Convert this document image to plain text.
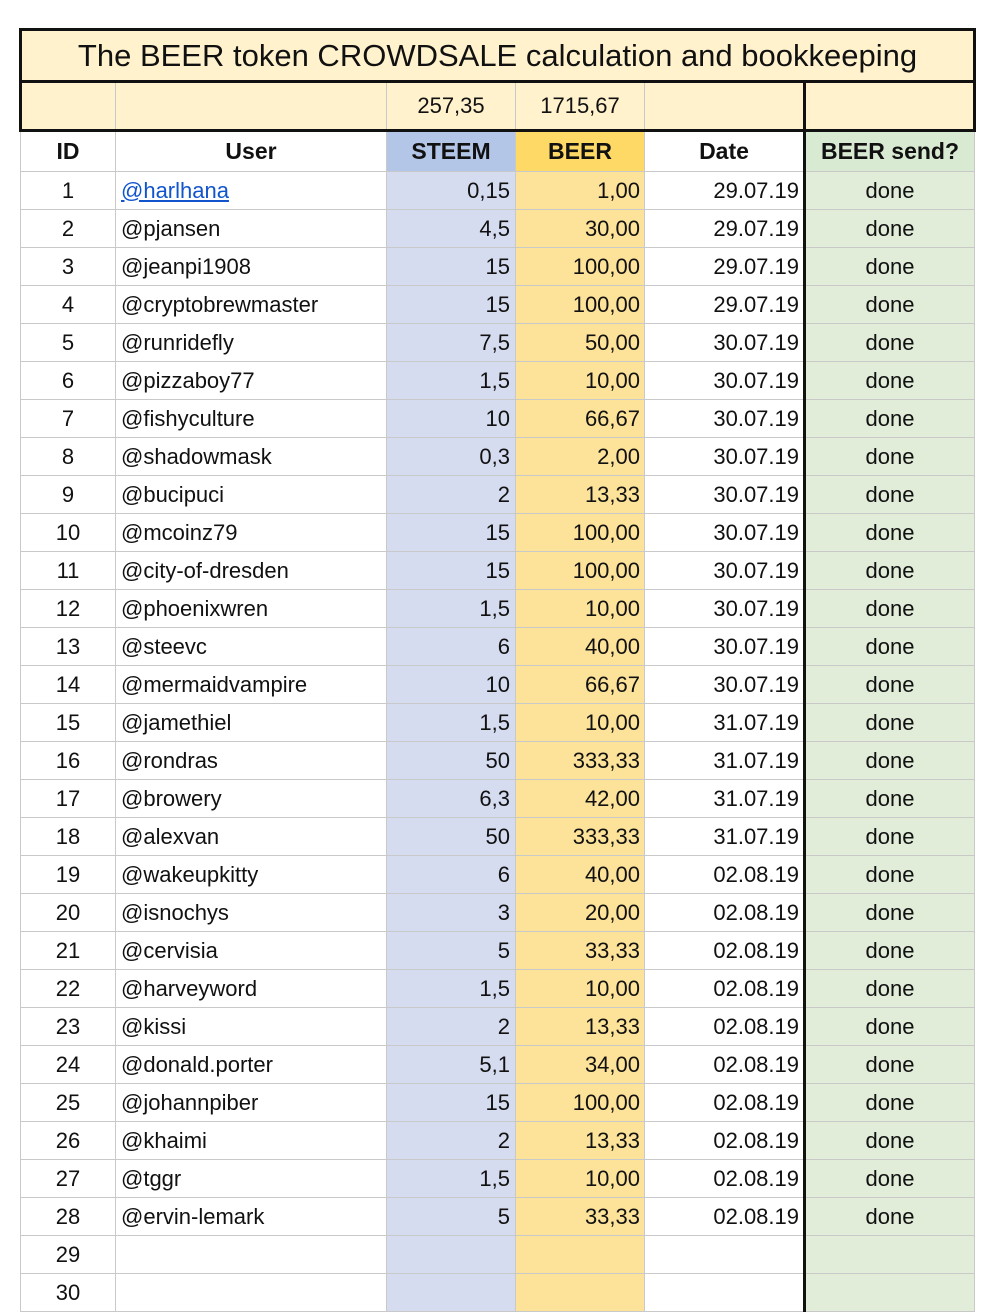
The BEER token CROWDSALE calculation and bookkeeping					
		257,35	1715,67		
ID	User	STEEM	BEER	Date	BEER send?
1	@harlhana	0,15	1,00	29.07.19	done
2	@pjansen	4,5	30,00	29.07.19	done
3	@jeanpi1908	15	100,00	29.07.19	done
4	@cryptobrewmaster	15	100,00	29.07.19	done
5	@runridefly	7,5	50,00	30.07.19	done
6	@pizzaboy77	1,5	10,00	30.07.19	done
7	@fishyculture	10	66,67	30.07.19	done
8	@shadowmask	0,3	2,00	30.07.19	done
9	@bucipuci	2	13,33	30.07.19	done
10	@mcoinz79	15	100,00	30.07.19	done
11	@city-of-dresden	15	100,00	30.07.19	done
12	@phoenixwren	1,5	10,00	30.07.19	done
13	@steevc	6	40,00	30.07.19	done
14	@mermaidvampire	10	66,67	30.07.19	done
15	@jamethiel	1,5	10,00	31.07.19	done
16	@rondras	50	333,33	31.07.19	done
17	@browery	6,3	42,00	31.07.19	done
18	@alexvan	50	333,33	31.07.19	done
19	@wakeupkitty	6	40,00	02.08.19	done
20	@isnochys	3	20,00	02.08.19	done
21	@cervisia	5	33,33	02.08.19	done
22	@harveyword	1,5	10,00	02.08.19	done
23	@kissi	2	13,33	02.08.19	done
24	@donald.porter	5,1	34,00	02.08.19	done
25	@johannpiber	15	100,00	02.08.19	done
26	@khaimi	2	13,33	02.08.19	done
27	@tggr	1,5	10,00	02.08.19	done
28	@ervin-lemark	5	33,33	02.08.19	done
29					
30					
